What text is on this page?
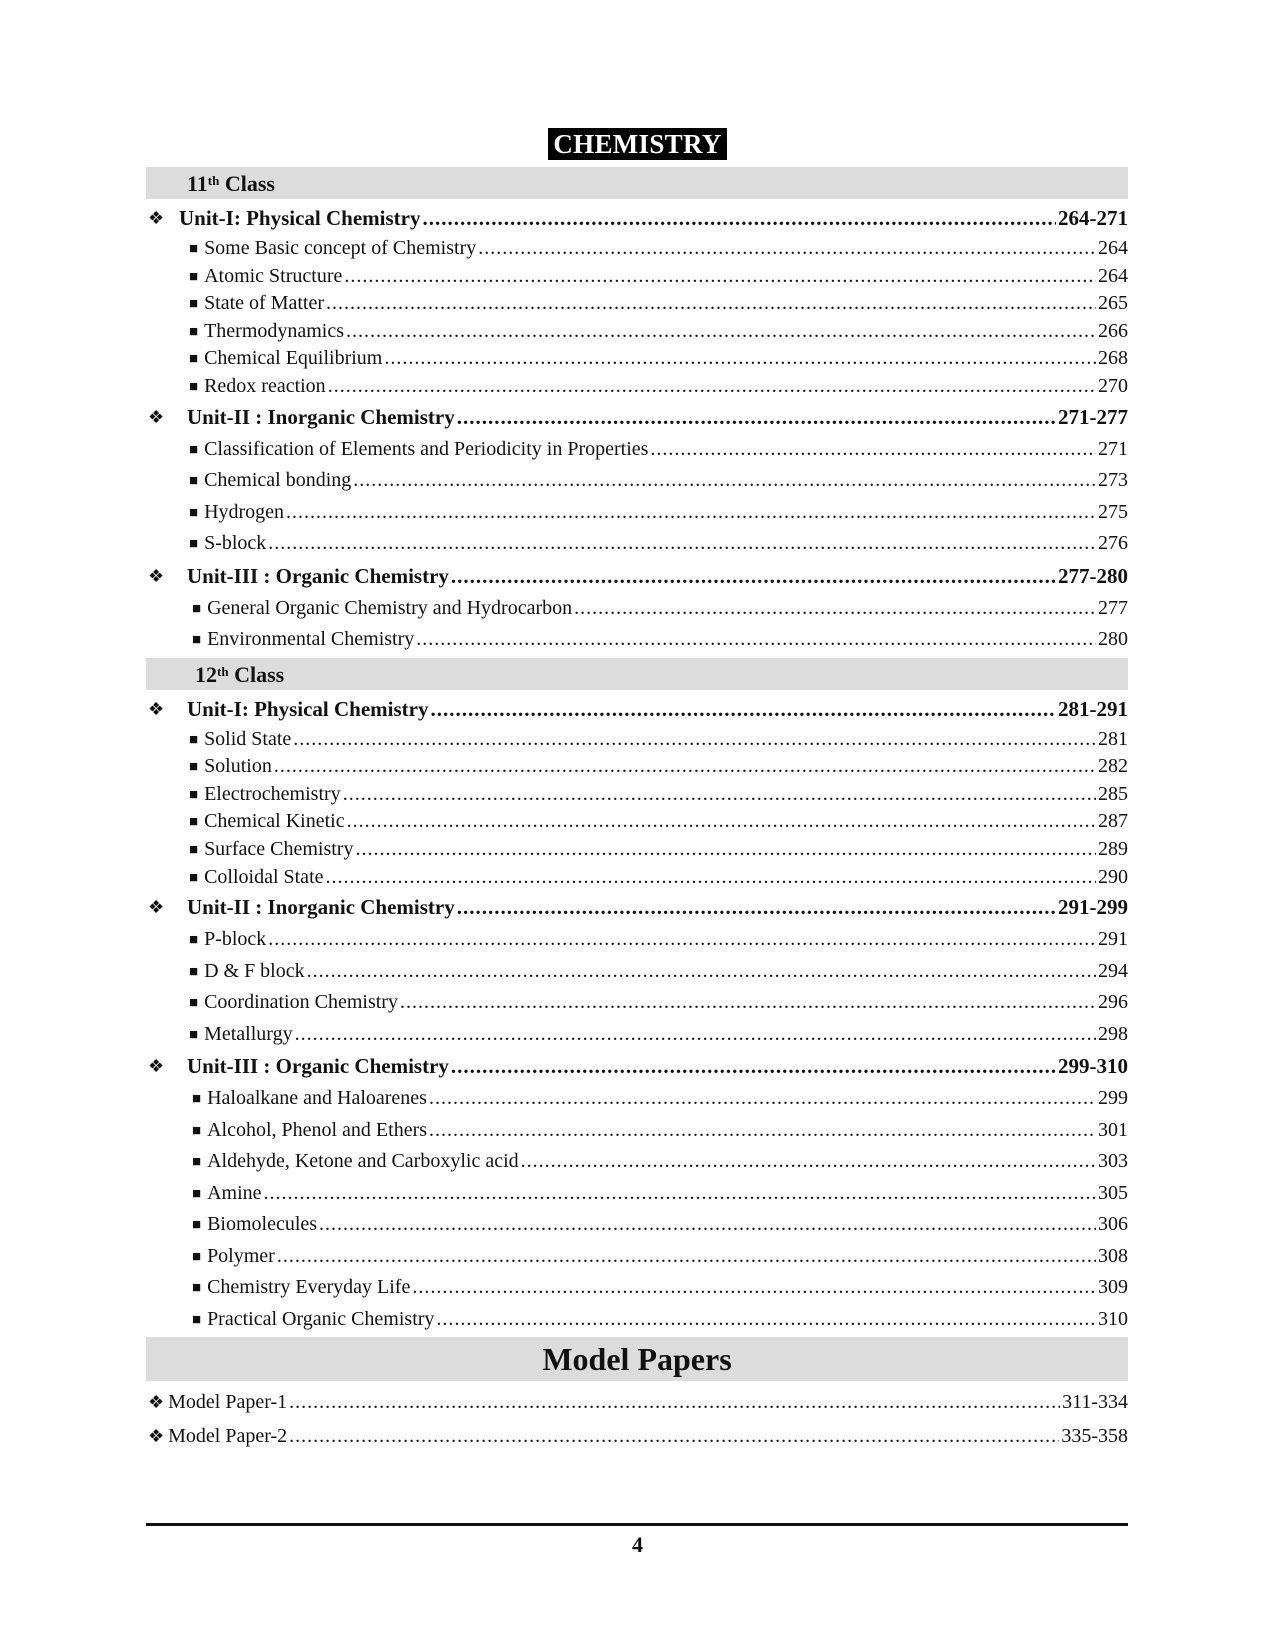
CHEMISTRY
11th Class
❖ Unit-I: Physical Chemistry .....	264-271
■ Some Basic concept of Chemistry .....	264
■ Atomic Structure .....	264
■ State of Matter .....	265
■ Thermodynamics .....	266
■ Chemical Equilibrium .....	268
■ Redox reaction .....	270
❖ Unit-II : Inorganic Chemistry .....	271-277
■ Classification of Elements and Periodicity in Properties .....	271
■ Chemical bonding .....	273
■ Hydrogen .....	275
■ S-block .....	276
❖ Unit-III : Organic Chemistry .....	277-280
■ General Organic Chemistry and Hydrocarbon .....	277
■ Environmental Chemistry .....	280
12th Class
❖ Unit-I: Physical Chemistry .....	281-291
■ Solid State .....	281
■ Solution .....	282
■ Electrochemistry .....	285
■ Chemical Kinetic .....	287
■ Surface Chemistry .....	289
■ Colloidal State .....	290
❖ Unit-II : Inorganic Chemistry .....	291-299
■ P-block .....	291
■ D & F block .....	294
■ Coordination Chemistry .....	296
■ Metallurgy .....	298
❖ Unit-III : Organic Chemistry .....	299-310
■ Haloalkane and Haloarenes .....	299
■ Alcohol, Phenol and Ethers .....	301
■ Aldehyde, Ketone and Carboxylic acid .....	303
■ Amine .....	305
■ Biomolecules .....	306
■ Polymer .....	308
■ Chemistry Everyday Life .....	309
■ Practical Organic Chemistry .....	310
Model Papers
❖ Model Paper-1 .....	311-334
❖ Model Paper-2 .....	335-358
4
